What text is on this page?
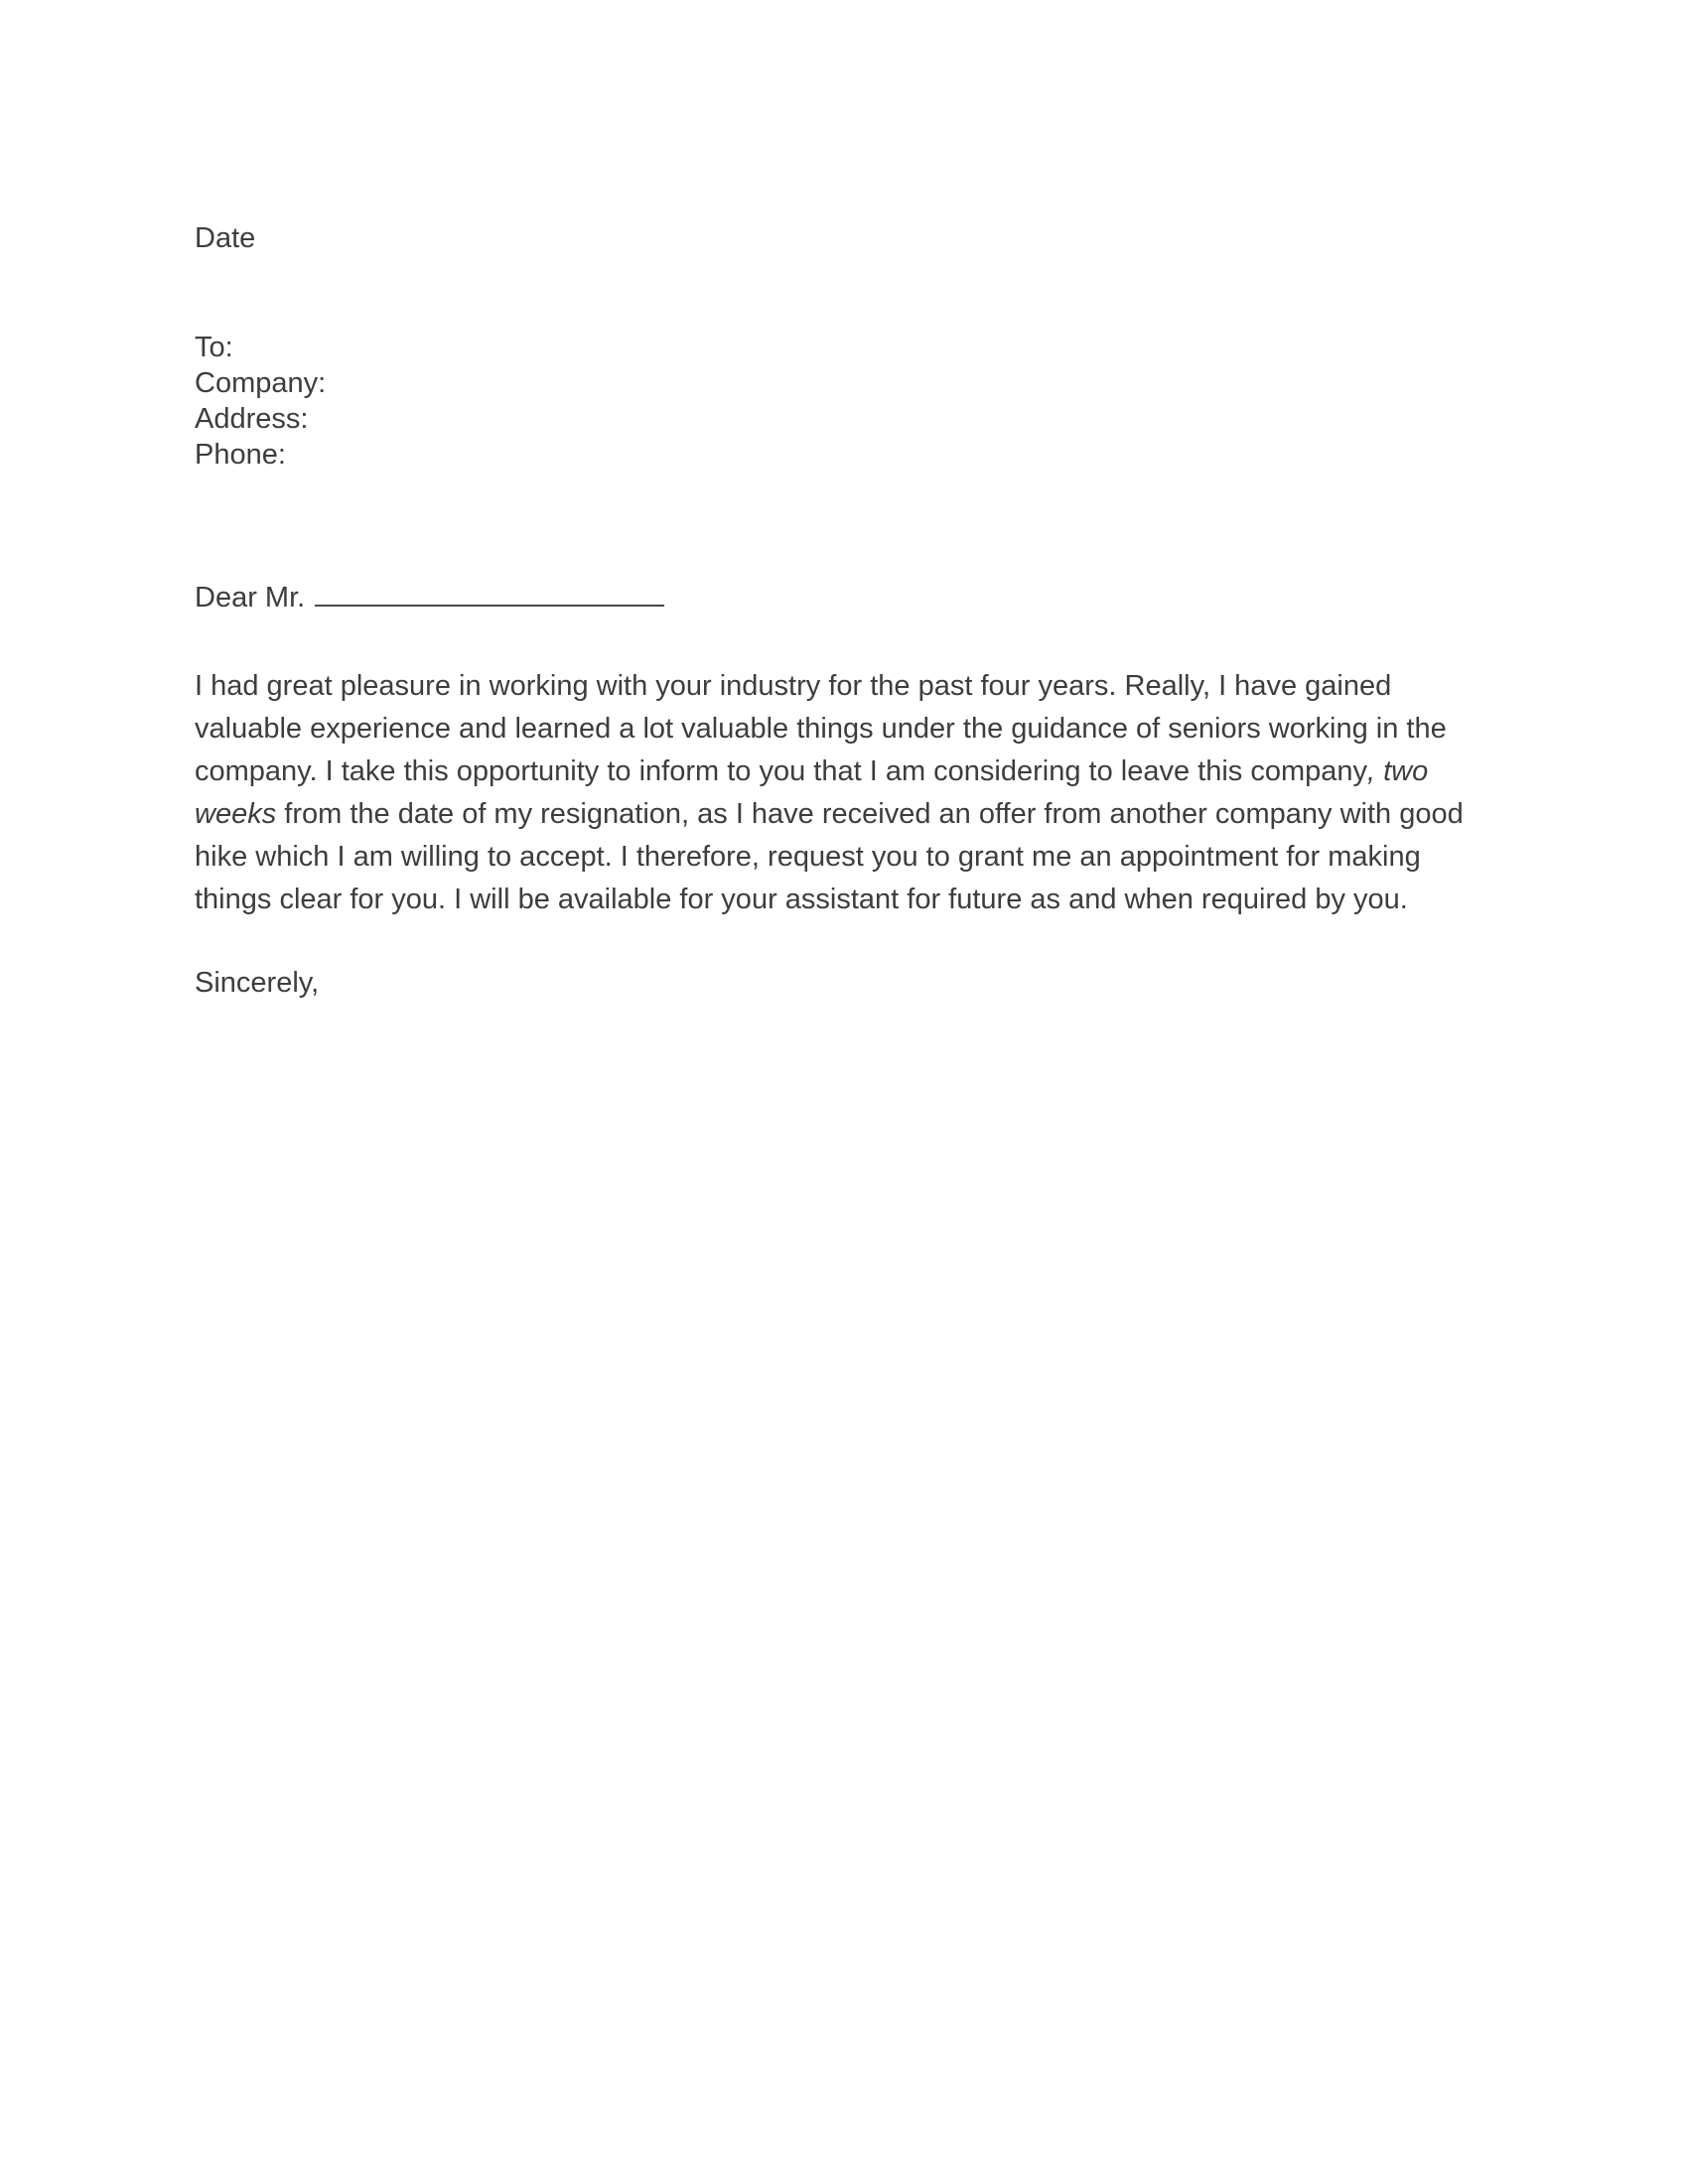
Date

To:

Company:

Address:

Phone:

Dear Mr.

I had great pleasure in working with your industry for the past four years. Really, I have gained valuable experience and learned a lot valuable things under the guidance of seniors working in the company. I take this opportunity to inform to you that I am considering to leave this company, two weeks from the date of my resignation, as I have received an offer from another company with good hike which I am willing to accept. I therefore, request you to grant me an appointment for making things clear for you. I will be available for your assistant for future as and when required by you.

Sincerely,
